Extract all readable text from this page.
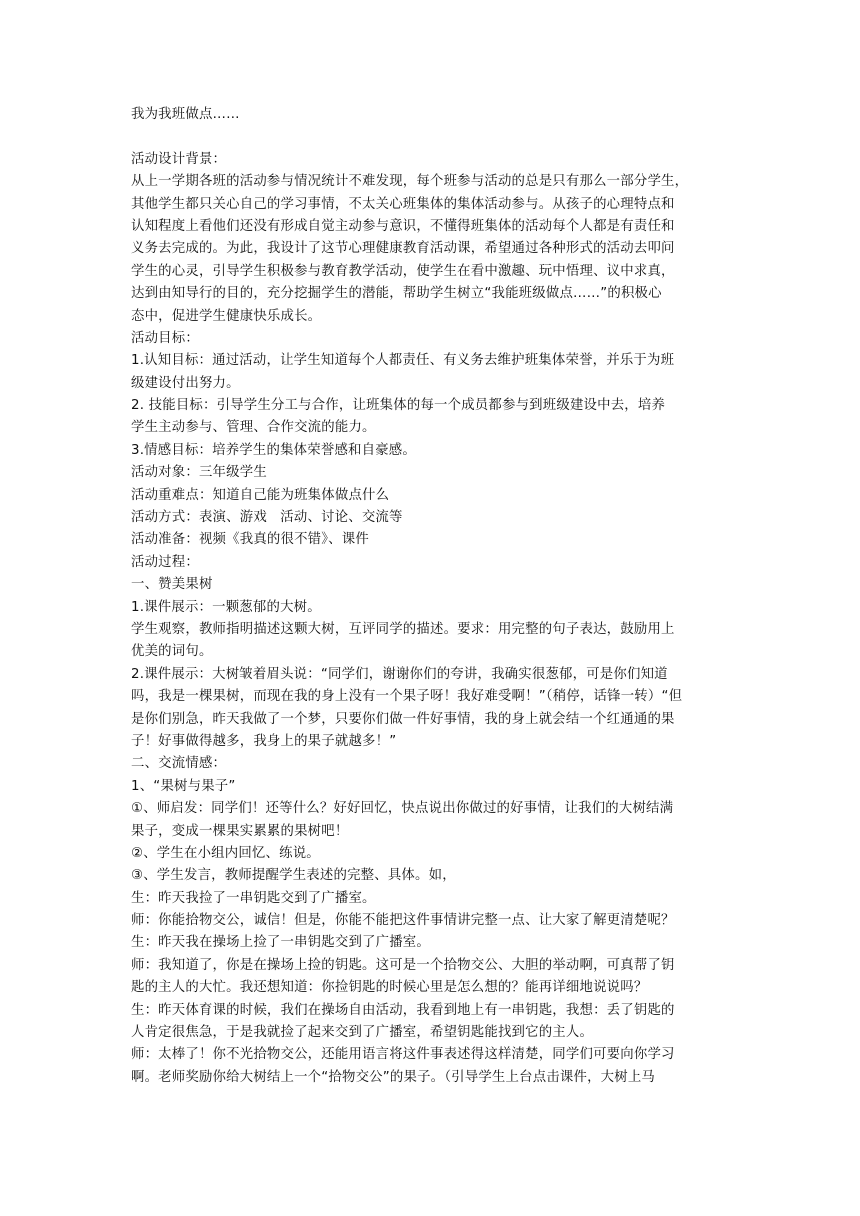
我为我班做点……
活动设计背景：
从上一学期各班的活动参与情况统计不难发现，每个班参与活动的总是只有那么一部分学生，
其他学生都只关心自己的学习事情，不太关心班集体的集体活动参与。从孩子的心理特点和
认知程度上看他们还没有形成自觉主动参与意识，不懂得班集体的活动每个人都是有责任和
义务去完成的。为此，我设计了这节心理健康教育活动课，希望通过各种形式的活动去叩问
学生的心灵，引导学生积极参与教育教学活动，使学生在看中激趣、玩中悟理、议中求真，
达到由知导行的目的，充分挖掘学生的潜能，帮助学生树立“我能班级做点……”的积极心
态中，促进学生健康快乐成长。
活动目标：
1.认知目标：通过活动，让学生知道每个人都责任、有义务去维护班集体荣誉，并乐于为班
级建设付出努力。
2. 技能目标：引导学生分工与合作，让班集体的每一个成员都参与到班级建设中去，培养
学生主动参与、管理、合作交流的能力。
3.情感目标：培养学生的集体荣誉感和自豪感。
活动对象：三年级学生
活动重难点：知道自己能为班集体做点什么
活动方式：表演、游戏   活动、讨论、交流等
活动准备：视频《我真的很不错》、课件
活动过程：
一、赞美果树
1.课件展示：一颗葱郁的大树。
学生观察，教师指明描述这颗大树，互评同学的描述。要求：用完整的句子表达，鼓励用上
优美的词句。
2.课件展示：大树皱着眉头说：“同学们，谢谢你们的夸讲，我确实很葱郁，可是你们知道
吗，我是一棵果树，而现在我的身上没有一个果子呀！我好难受啊！”（稍停，话锋一转）“但
是你们别急，昨天我做了一个梦，只要你们做一件好事情，我的身上就会结一个红通通的果
子！好事做得越多，我身上的果子就越多！”
二、交流情感：
1、“果树与果子”
①、师启发：同学们！还等什么？好好回忆，快点说出你做过的好事情，让我们的大树结满
果子，变成一棵果实累累的果树吧！
②、学生在小组内回忆、练说。
③、学生发言，教师提醒学生表述的完整、具体。如，
生：昨天我捡了一串钥匙交到了广播室。
师：你能拾物交公，诚信！但是，你能不能把这件事情讲完整一点、让大家了解更清楚呢？
生：昨天我在操场上捡了一串钥匙交到了广播室。
师：我知道了，你是在操场上捡的钥匙。这可是一个拾物交公、大胆的举动啊，可真帮了钥
匙的主人的大忙。我还想知道：你捡钥匙的时候心里是怎么想的？能再详细地说说吗？
生：昨天体育课的时候，我们在操场自由活动，我看到地上有一串钥匙，我想：丢了钥匙的
人肯定很焦急，于是我就捡了起来交到了广播室，希望钥匙能找到它的主人。
师：太棒了！你不光拾物交公，还能用语言将这件事表述得这样清楚，同学们可要向你学习
啊。老师奖励你给大树结上一个“拾物交公”的果子。（引导学生上台点击课件，大树上马
